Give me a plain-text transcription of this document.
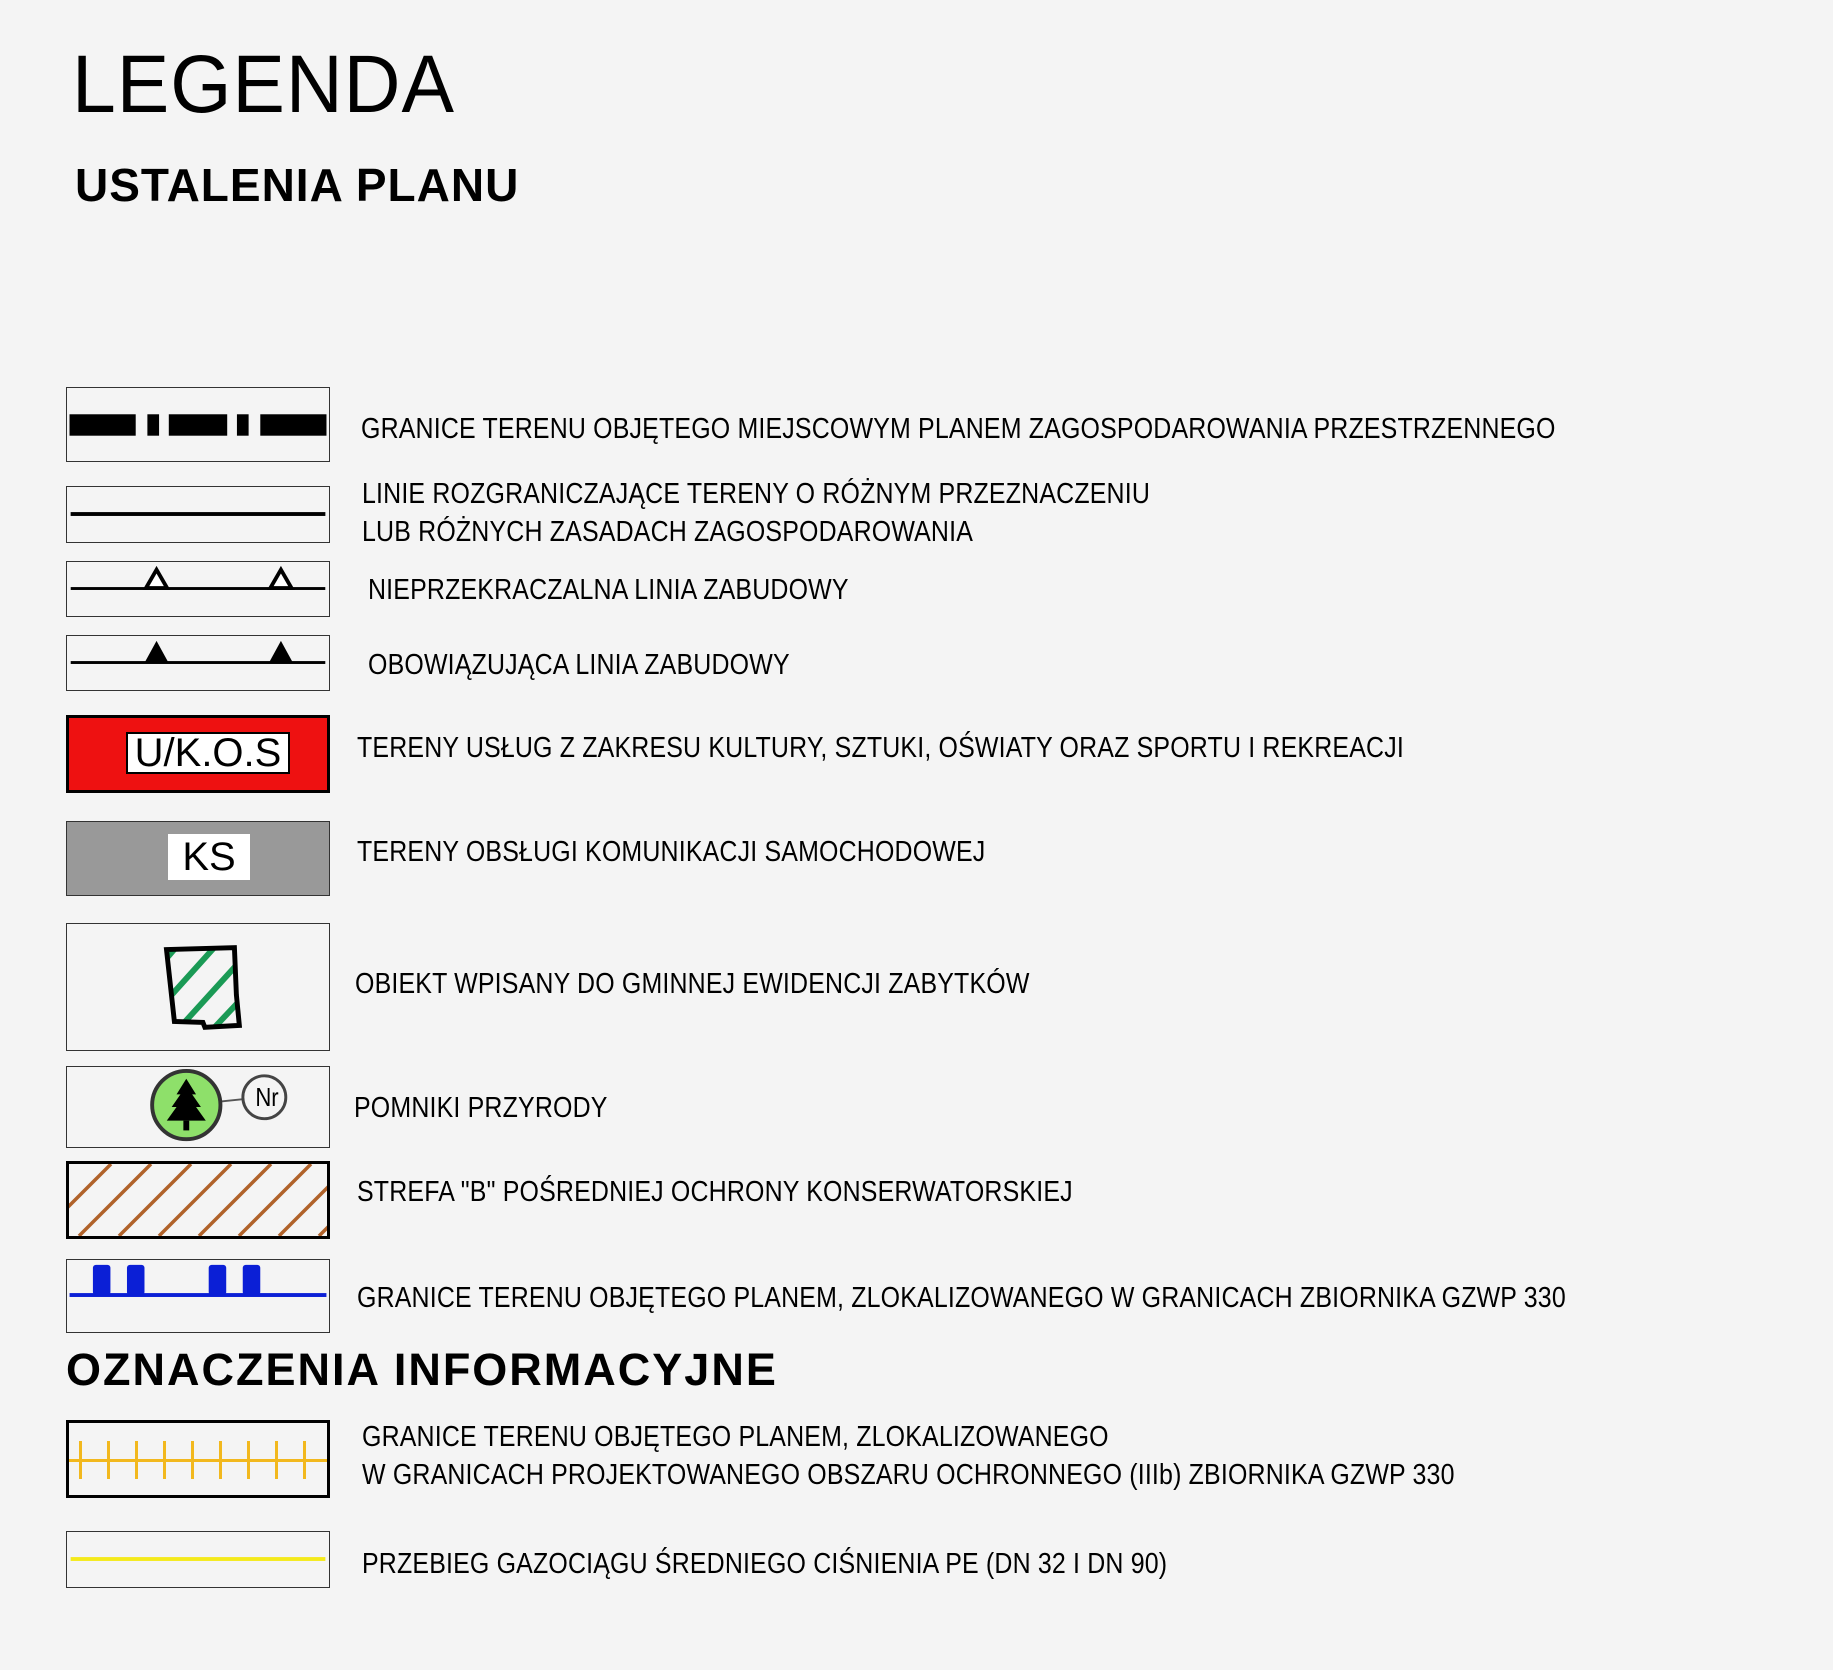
LEGENDA
USTALENIA PLANU
GRANICE TERENU OBJĘTEGO MIEJSCOWYM PLANEM ZAGOSPODAROWANIA PRZESTRZENNEGO
LINIE ROZGRANICZAJĄCE TERENY O RÓŻNYM PRZEZNACZENIU
LUB RÓŻNYCH ZASADACH ZAGOSPODAROWANIA
NIEPRZEKRACZALNA LINIA ZABUDOWY
OBOWIĄZUJĄCA LINIA ZABUDOWY
U/K.O.S	TERENY USŁUG Z ZAKRESU KULTURY, SZTUKI, OŚWIATY ORAZ SPORTU I REKREACJI
KS	TERENY OBSŁUGI KOMUNIKACJI SAMOCHODOWEJ
OBIEKT WPISANY DO GMINNEJ EWIDENCJI ZABYTKÓW
Nr	POMNIKI PRZYRODY
STREFA "B" POŚREDNIEJ OCHRONY KONSERWATORSKIEJ
GRANICE TERENU OBJĘTEGO PLANEM, ZLOKALIZOWANEGO W GRANICACH ZBIORNIKA GZWP 330
OZNACZENIA INFORMACYJNE
GRANICE TERENU OBJĘTEGO PLANEM, ZLOKALIZOWANEGO
W GRANICACH PROJEKTOWANEGO OBSZARU OCHRONNEGO (IIIb) ZBIORNIKA GZWP 330
PRZEBIEG GAZOCIĄGU ŚREDNIEGO CIŚNIENIA PE (DN 32 I DN 90)
